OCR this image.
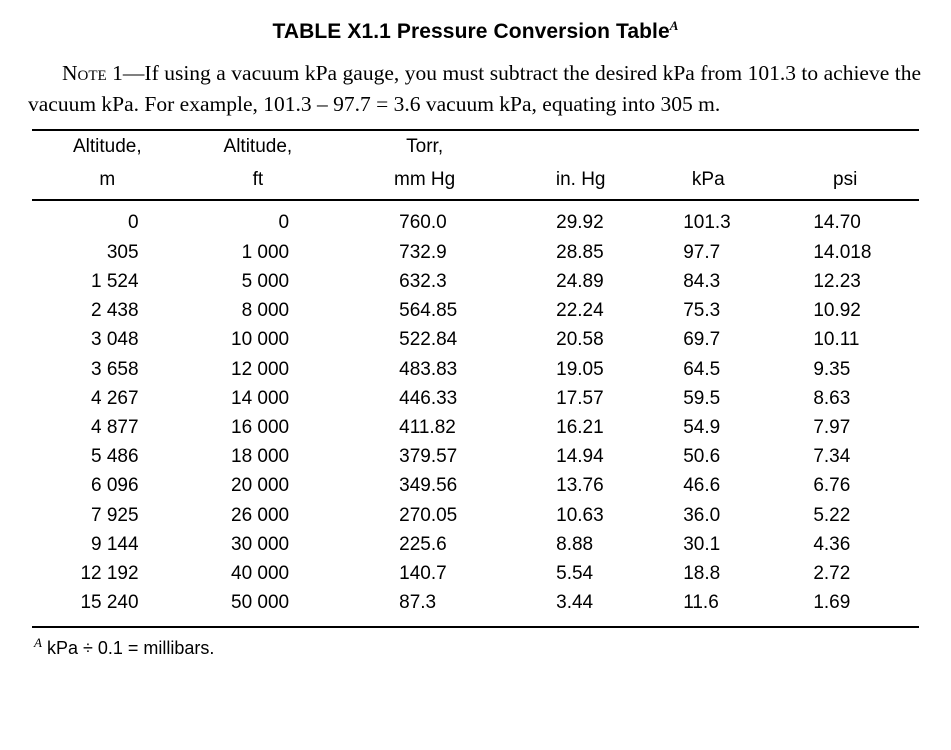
TABLE X1.1 Pressure Conversion Table$^A$

Note 1—If using a vacuum kPa gauge, you must subtract the desired kPa from 101.3 to achieve the vacuum kPa. For example, 101.3 – 97.7 = 3.6 vacuum kPa, equating into 305 m.

Altitude,	Altitude,	Torr,			
m	ft	mm Hg	in. Hg	kPa	psi
0	0	760.0	29.92	101.3	14.70
305	1 000	732.9	28.85	97.7	14.018
1 524	5 000	632.3	24.89	84.3	12.23
2 438	8 000	564.85	22.24	75.3	10.92
3 048	10 000	522.84	20.58	69.7	10.11
3 658	12 000	483.83	19.05	64.5	9.35
4 267	14 000	446.33	17.57	59.5	8.63
4 877	16 000	411.82	16.21	54.9	7.97
5 486	18 000	379.57	14.94	50.6	7.34
6 096	20 000	349.56	13.76	46.6	6.76
7 925	26 000	270.05	10.63	36.0	5.22
9 144	30 000	225.6	8.88	30.1	4.36
12 192	40 000	140.7	5.54	18.8	2.72
15 240	50 000	87.3	3.44	11.6	1.69
$^A$ kPa ÷ 0.1 = millibars.
